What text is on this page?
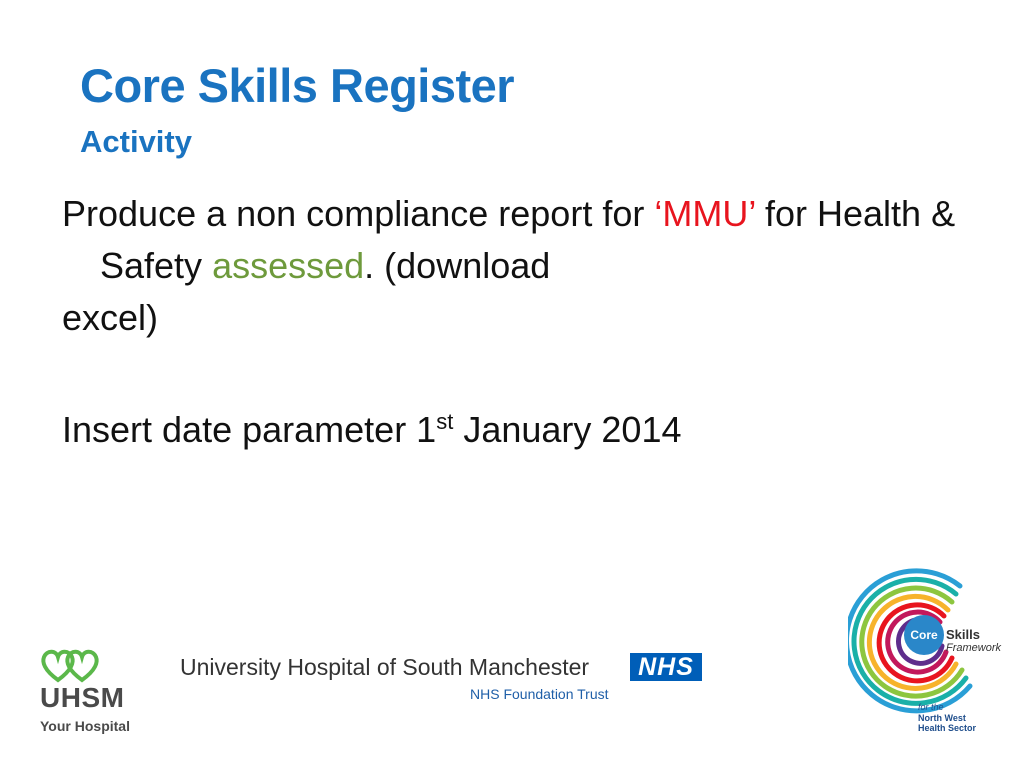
Core Skills Register
Activity

Produce a non compliance report for ‘MMU’ for Health & Safety assessed. (download

excel)

Insert date parameter 1st January 2014

UHSM

Your Hospital

University Hospital of South Manchester	NHS

NHS Foundation Trust

Core Skills

Framework

for the

North West
Health Sector
